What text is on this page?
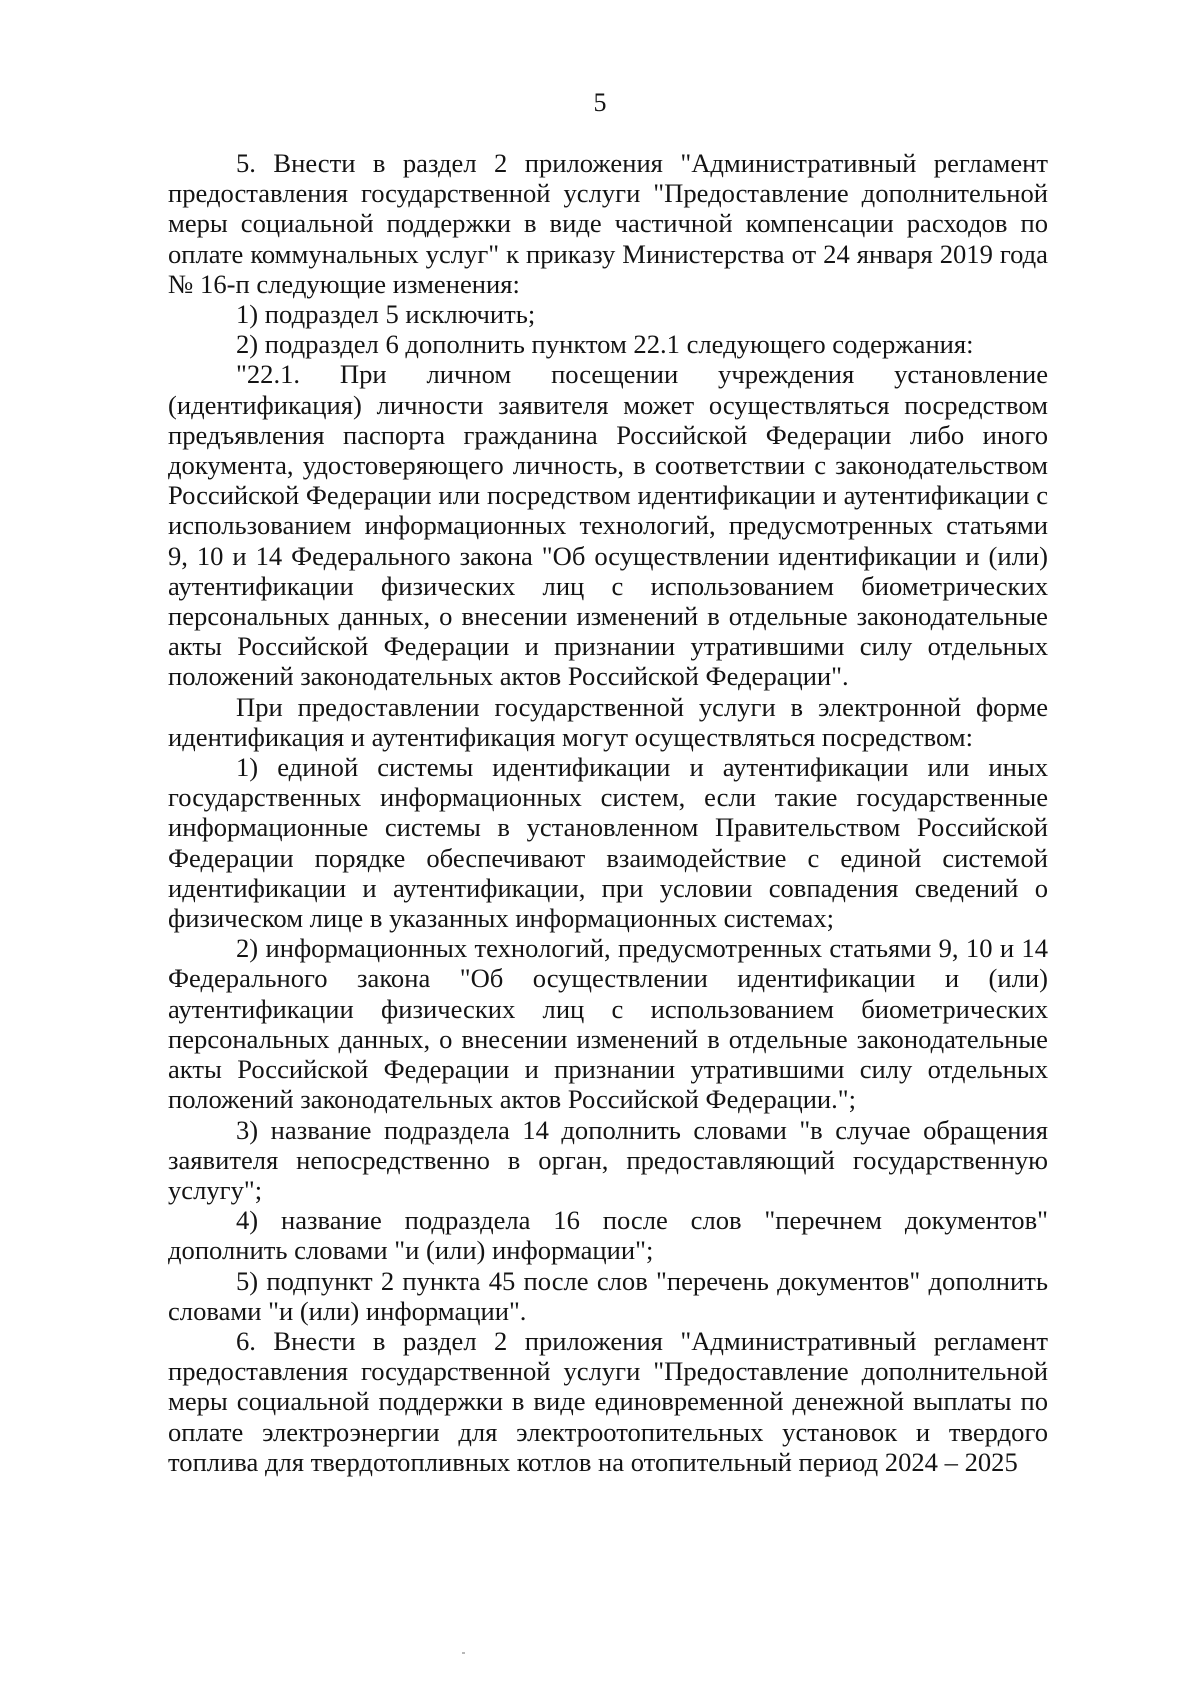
5

5. Внести в раздел 2 приложения "Административный регламент предоставления государственной услуги "Предоставление дополнительной меры социальной поддержки в виде частичной компенсации расходов по оплате коммунальных услуг" к приказу Министерства от 24 января 2019 года № 16-п следующие изменения:

1) подраздел 5 исключить;

2) подраздел 6 дополнить пунктом 22.1 следующего содержания:

"22.1. При личном посещении учреждения установление (идентификация) личности заявителя может осуществляться посредством предъявления паспорта гражданина Российской Федерации либо иного документа, удостоверяющего личность, в соответствии с законодательством Российской Федерации или посредством идентификации и аутентификации с использованием информационных технологий, предусмотренных статьями 9, 10 и 14 Федерального закона "Об осуществлении идентификации и (или) аутентификации физических лиц с использованием биометрических персональных данных, о внесении изменений в отдельные законодательные акты Российской Федерации и признании утратившими силу отдельных положений законодательных актов Российской Федерации".

При предоставлении государственной услуги в электронной форме идентификация и аутентификация могут осуществляться посредством:

1) единой системы идентификации и аутентификации или иных государственных информационных систем, если такие государственные информационные системы в установленном Правительством Российской Федерации порядке обеспечивают взаимодействие с единой системой идентификации и аутентификации, при условии совпадения сведений о физическом лице в указанных информационных системах;

2) информационных технологий, предусмотренных статьями 9, 10 и 14 Федерального закона "Об осуществлении идентификации и (или) аутентификации физических лиц с использованием биометрических персональных данных, о внесении изменений в отдельные законодательные акты Российской Федерации и признании утратившими силу отдельных положений законодательных актов Российской Федерации.";

3) название подраздела 14 дополнить словами "в случае обращения заявителя непосредственно в орган, предоставляющий государственную услугу";

4) название подраздела 16 после слов "перечнем документов" дополнить словами "и (или) информации";

5) подпункт 2 пункта 45 после слов "перечень документов" дополнить словами "и (или) информации".

6. Внести в раздел 2 приложения "Административный регламент предоставления государственной услуги "Предоставление дополнительной меры социальной поддержки в виде единовременной денежной выплаты по оплате электроэнергии для электроотопительных установок и твердого топлива для твердотопливных котлов на отопительный период 2024 – 2025
